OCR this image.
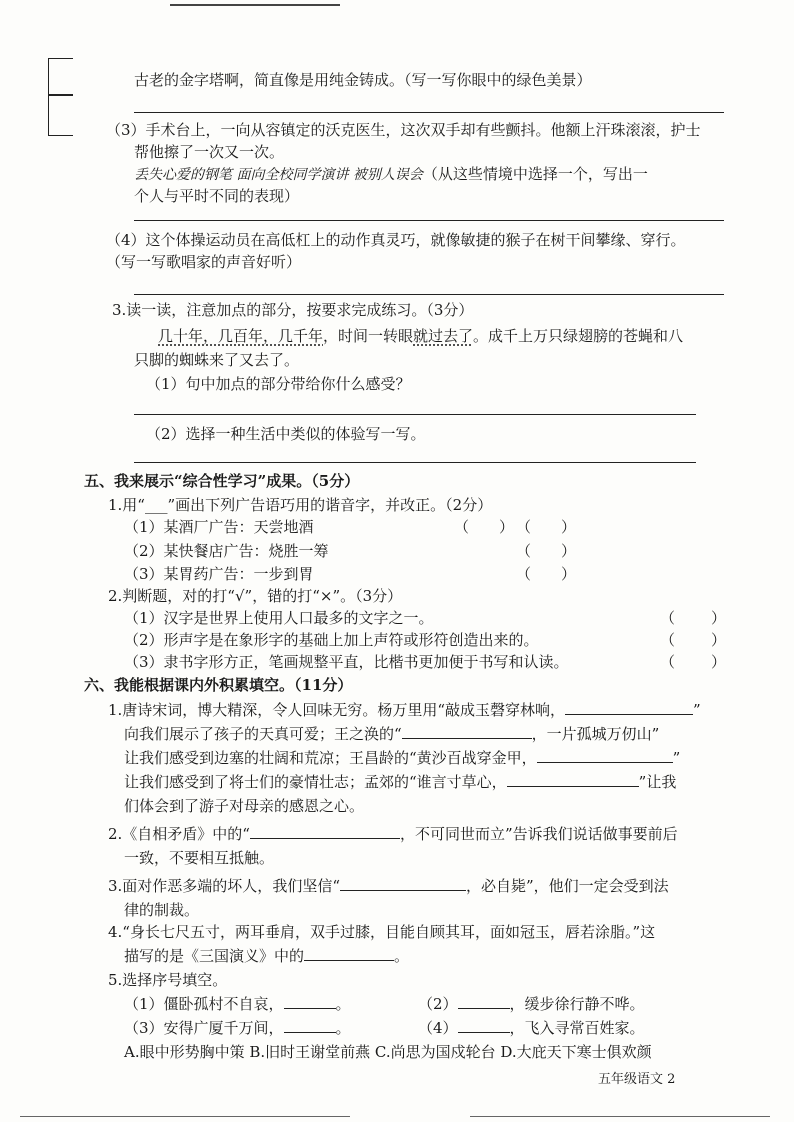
古老的金字塔啊，简直像是用纯金铸成。（写一写你眼中的绿色美景）
（3）手术台上，一向从容镇定的沃克医生，这次双手却有些颤抖。他额上汗珠滚滚，护士
帮他擦了一次又一次。
丢失心爱的钢笔 面向全校同学演讲 被别人误会（从这些情境中选择一个，写出一
个人与平时不同的表现）
（4）这个体操运动员在高低杠上的动作真灵巧，就像敏捷的猴子在树干间攀缘、穿行。
（写一写歌唱家的声音好听）
3.读一读，注意加点的部分，按要求完成练习。（3分）
几十年，几百年，几千年，时间一转眼就过去了。成千上万只绿翅膀的苍蝇和八
只脚的蜘蛛来了又去了。
（1）句中加点的部分带给你什么感受？
（2）选择一种生活中类似的体验写一写。
五、我来展示“综合性学习”成果。（5分）
1.用“___”画出下列广告语巧用的谐音字，并改正。（2分）
（1）某酒厂广告：天尝地酒	（ ） （ ）
（2）某快餐店广告：烧胜一筹	（ ）
（3）某胃药广告：一步到胃	（ ）
2.判断题，对的打“√”，错的打“×”。（3分）
（1）汉字是世界上使用人口最多的文字之一。	（ ）
（2）形声字是在象形字的基础上加上声符或形符创造出来的。	（ ）
（3）隶书字形方正，笔画规整平直，比楷书更加便于书写和认读。	（ ）
六、我能根据课内外积累填空。（11分）
1.唐诗宋词，博大精深，令人回味无穷。杨万里用“敲成玉磬穿林响，	”
向我们展示了孩子的天真可爱；王之涣的“	，一片孤城万仞山”
让我们感受到边塞的壮阔和荒凉；王昌龄的“黄沙百战穿金甲，	”
让我们感受到了将士们的豪情壮志；孟郊的“谁言寸草心，	”让我
们体会到了游子对母亲的感恩之心。
2.《自相矛盾》中的“	，不可同世而立”告诉我们说话做事要前后
一致，不要相互抵触。
3.面对作恶多端的坏人，我们坚信“	，必自毙”，他们一定会受到法
律的制裁。
4.“身长七尺五寸，两耳垂肩，双手过膝，目能自顾其耳，面如冠玉，唇若涂脂。”这
描写的是《三国演义》中的	。
5.选择序号填空。
（1）僵卧孤村不自哀，	。	（2）	，缓步徐行静不哗。
（3）安得广厦千万间，	。	（4）	，飞入寻常百姓家。
A.眼中形势胸中策 B.旧时王谢堂前燕 C.尚思为国戍轮台 D.大庇天下寒士俱欢颜
五年级语文 2
